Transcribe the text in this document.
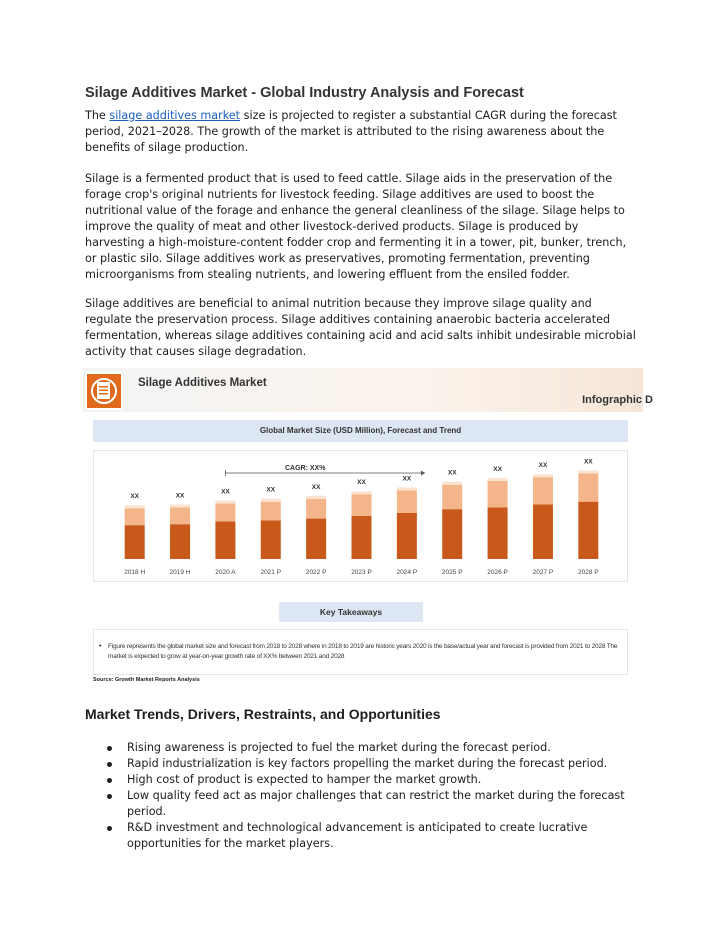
Silage Additives Market - Global Industry Analysis and Forecast

The silage additives market size is projected to register a substantial CAGR during the forecast period, 2021–2028. The growth of the market is attributed to the rising awareness about the benefits of silage production.

Silage is a fermented product that is used to feed cattle. Silage aids in the preservation of the forage crop's original nutrients for livestock feeding. Silage additives are used to boost the nutritional value of the forage and enhance the general cleanliness of the silage. Silage helps to improve the quality of meat and other livestock-derived products. Silage is produced by harvesting a high-moisture-content fodder crop and fermenting it in a tower, pit, bunker, trench, or plastic silo. Silage additives work as preservatives, promoting fermentation, preventing microorganisms from stealing nutrients, and lowering effluent from the ensiled fodder.

Silage additives are beneficial to animal nutrition because they improve silage quality and regulate the preservation process. Silage additives containing anaerobic bacteria accelerated fermentation, whereas silage additives containing acid and acid salts inhibit undesirable microbial activity that causes silage degradation.

Silage Additives Market
Infographic D
Global Market Size (USD Million), Forecast and Trend
XX
2018 H
XX
2019 H
XX
2020 A
XX
2021 P
XX
2022 P
XX
2023 P
XX
2024 P
XX
2025 P
XX
2026 P
XX
2027 P
XX
2028 P
CAGR: XX%
Key Takeaways
• Figure represents the global market size and forecast from 2018 to 2028 where in 2018 to 2019 are historic years 2020 is the base/actual year and forecast is provided from 2021 to 2028 The market is expected to grow at year-on-year growth rate of XX% between 2021 and 2028
Source: Growth Market Reports Analysis
Market Trends, Drivers, Restraints, and Opportunities
Rising awareness is projected to fuel the market during the forecast period.
Rapid industrialization is key factors propelling the market during the forecast period.
High cost of product is expected to hamper the market growth.
Low quality feed act as major challenges that can restrict the market during the forecast period.
R&D investment and technological advancement is anticipated to create lucrative opportunities for the market players.
